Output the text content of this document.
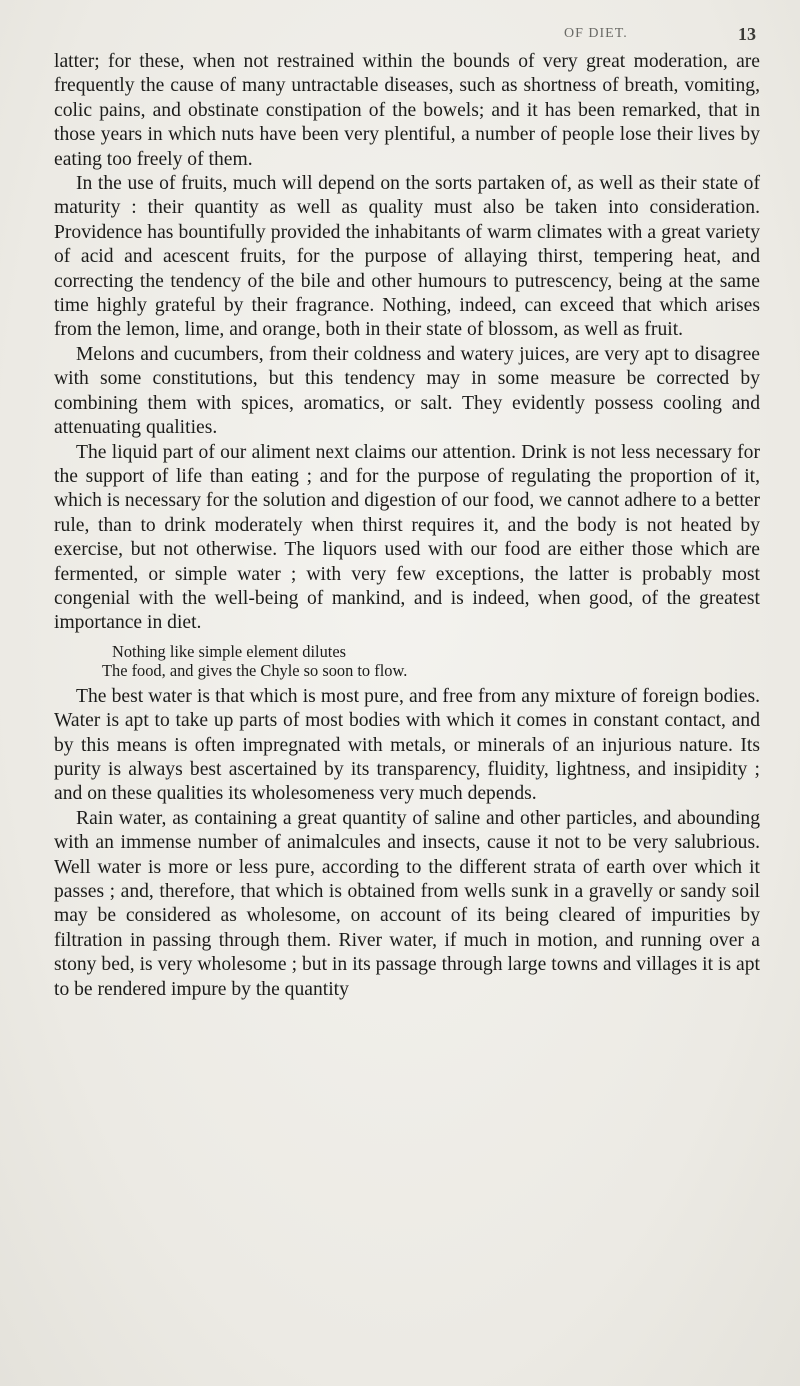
OF DIET.	13

latter; for these, when not restrained within the bounds of very great moderation, are frequently the cause of many untractable diseases, such as shortness of breath, vomiting, colic pains, and obstinate constipation of the bowels; and it has been remarked, that in those years in which nuts have been very plentiful, a number of people lose their lives by eating too freely of them.

In the use of fruits, much will depend on the sorts partaken of, as well as their state of maturity : their quantity as well as quality must also be taken into consideration. Providence has bountifully provided the inhabitants of warm climates with a great variety of acid and acescent fruits, for the purpose of allaying thirst, tempering heat, and correcting the tendency of the bile and other humours to putrescency, being at the same time highly grateful by their fragrance. Nothing, indeed, can exceed that which arises from the lemon, lime, and orange, both in their state of blossom, as well as fruit.

Melons and cucumbers, from their coldness and watery juices, are very apt to disagree with some constitutions, but this tendency may in some measure be corrected by combining them with spices, aromatics, or salt. They evidently possess cooling and attenuating qualities.

The liquid part of our aliment next claims our attention. Drink is not less necessary for the support of life than eating ; and for the purpose of regulating the proportion of it, which is necessary for the solution and digestion of our food, we cannot adhere to a better rule, than to drink moderately when thirst requires it, and the body is not heated by exercise, but not otherwise. The liquors used with our food are either those which are fermented, or simple water ; with very few exceptions, the latter is probably most congenial with the well-being of mankind, and is indeed, when good, of the greatest importance in diet.

Nothing like simple element dilutes
The food, and gives the Chyle so soon to flow.

The best water is that which is most pure, and free from any mixture of foreign bodies. Water is apt to take up parts of most bodies with which it comes in constant contact, and by this means is often impregnated with metals, or minerals of an injurious nature. Its purity is always best ascertained by its transparency, fluidity, lightness, and insipidity ; and on these qualities its wholesomeness very much depends.

Rain water, as containing a great quantity of saline and other particles, and abounding with an immense number of animalcules and insects, cause it not to be very salubrious. Well water is more or less pure, according to the different strata of earth over which it passes ; and, therefore, that which is obtained from wells sunk in a gravelly or sandy soil may be considered as wholesome, on account of its being cleared of impurities by filtration in passing through them. River water, if much in motion, and running over a stony bed, is very wholesome ; but in its passage through large towns and villages it is apt to be rendered impure by the quantity
